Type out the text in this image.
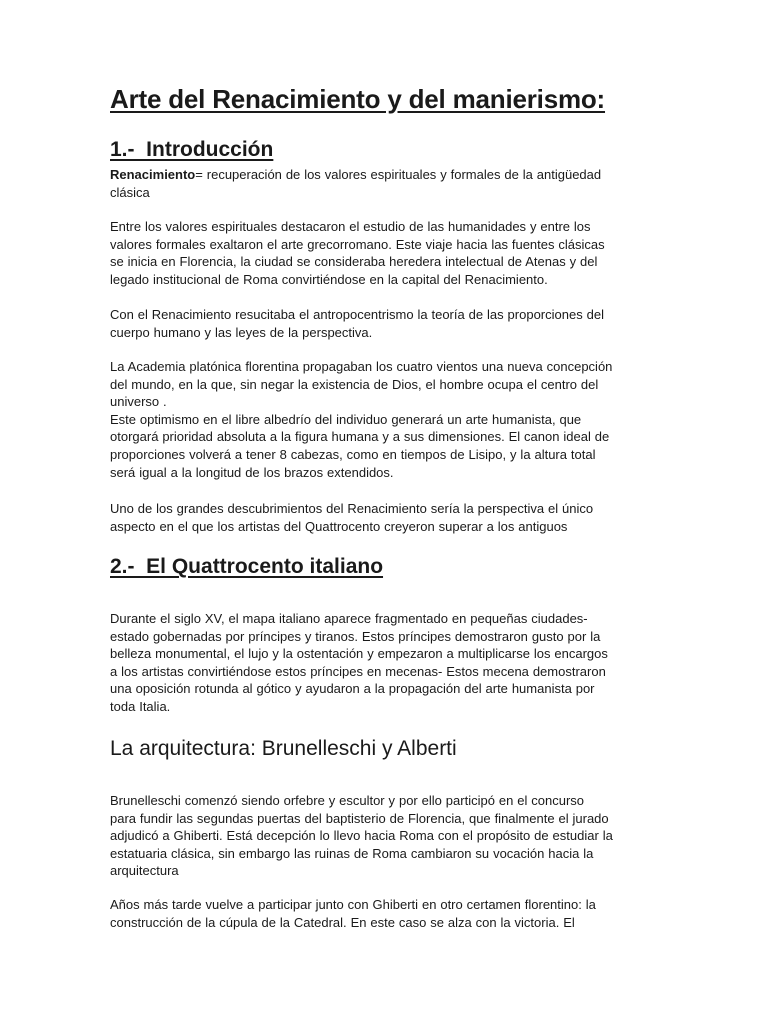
Arte del Renacimiento y del manierismo:
1.-  Introducción
Renacimiento= recuperación de los valores espirituales y formales de la antigüedad
clásica
Entre los valores espirituales destacaron el estudio de las humanidades y entre los
valores formales exaltaron el arte grecorromano. Este viaje hacia las fuentes clásicas
se inicia en Florencia, la ciudad se consideraba heredera intelectual de Atenas y del
legado institucional de Roma convirtiéndose en la capital del Renacimiento.
Con el Renacimiento resucitaba el antropocentrismo la teoría de las proporciones del
cuerpo humano y las leyes de la perspectiva.
La Academia platónica florentina propagaban los cuatro vientos una nueva concepción
del mundo, en la que, sin negar la existencia de Dios, el hombre ocupa el centro del
universo .
Este optimismo en el libre albedrío del individuo generará un arte humanista, que
otorgará prioridad absoluta a la figura humana y a sus dimensiones. El canon ideal de
proporciones volverá a tener 8 cabezas, como en tiempos de Lisipo, y la altura total
será igual a la longitud de los brazos extendidos.
Uno de los grandes descubrimientos del Renacimiento sería la perspectiva el único
aspecto en el que los artistas del Quattrocento creyeron superar a los antiguos
2.-  El Quattrocento italiano
Durante el siglo XV, el mapa italiano aparece fragmentado en pequeñas ciudades-
estado gobernadas por príncipes y tiranos. Estos príncipes demostraron gusto por la
belleza monumental, el lujo y la ostentación y empezaron a multiplicarse los encargos
a los artistas convirtiéndose estos príncipes en mecenas- Estos mecena demostraron
una oposición rotunda al gótico y ayudaron a la propagación del arte humanista por
toda Italia.
La arquitectura: Brunelleschi y Alberti
Brunelleschi comenzó siendo orfebre y escultor y por ello participó en el concurso
para fundir las segundas puertas del baptisterio de Florencia, que finalmente el jurado
adjudicó a Ghiberti. Está decepción lo llevo hacia Roma con el propósito de estudiar la
estatuaria clásica, sin embargo las ruinas de Roma cambiaron su vocación hacia la
arquitectura
Años más tarde vuelve a participar junto con Ghiberti en otro certamen florentino: la
construcción de la cúpula de la Catedral. En este caso se alza con la victoria. El
